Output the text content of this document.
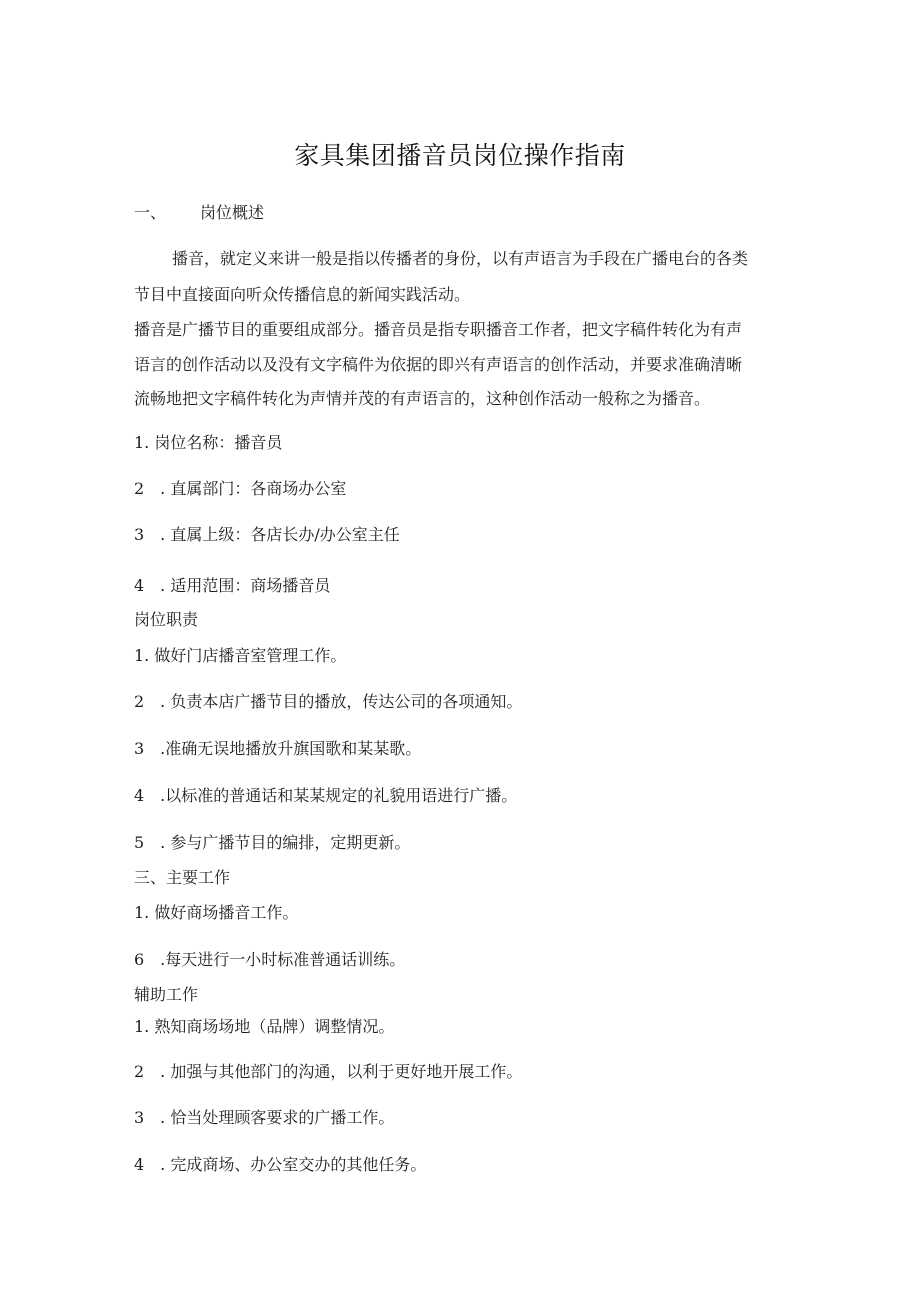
家具集团播音员岗位操作指南
一、 岗位概述
播音，就定义来讲一般是指以传播者的身份，以有声语言为手段在广播电台的各类
节目中直接面向听众传播信息的新闻实践活动。
播音是广播节目的重要组成部分。播音员是指专职播音工作者，把文字稿件转化为有声
语言的创作活动以及没有文字稿件为依据的即兴有声语言的创作活动，并要求准确清晰
流畅地把文字稿件转化为声情并茂的有声语言的，这种创作活动一般称之为播音。
1. 岗位名称：播音员
2　. 直属部门：各商场办公室
3　. 直属上级：各店长办/办公室主任
4　. 适用范围：商场播音员
岗位职责
1. 做好门店播音室管理工作。
2　. 负责本店广播节目的播放，传达公司的各项通知。
3　.准确无误地播放升旗国歌和某某歌。
4　.以标准的普通话和某某规定的礼貌用语进行广播。
5　. 参与广播节目的编排，定期更新。
三、主要工作
1. 做好商场播音工作。
6　.每天进行一小时标准普通话训练。
辅助工作
1. 熟知商场场地（品牌）调整情况。
2　. 加强与其他部门的沟通，以利于更好地开展工作。
3　. 恰当处理顾客要求的广播工作。
4　. 完成商场、办公室交办的其他任务。
